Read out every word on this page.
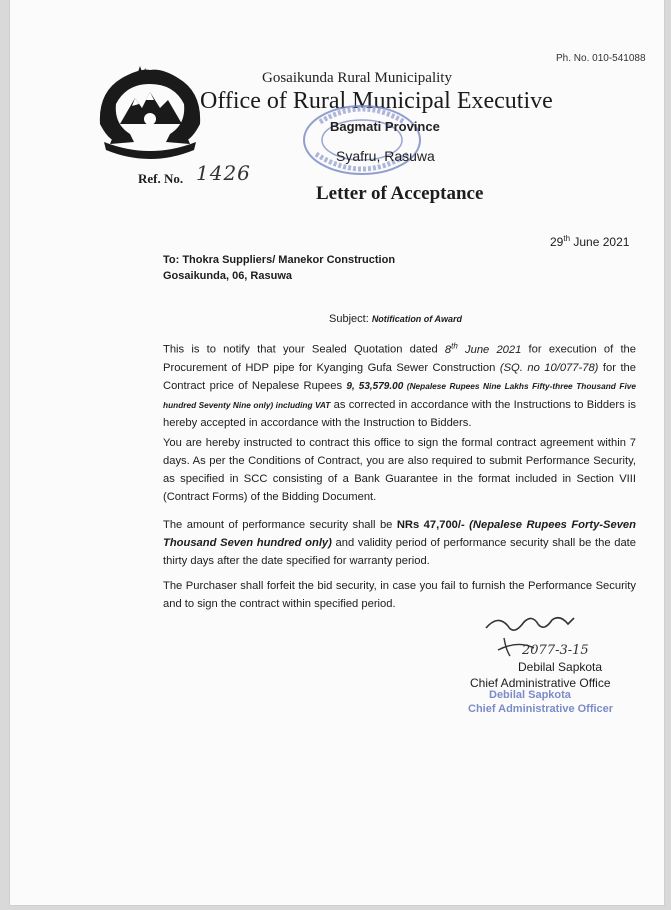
Ph. No. 010-541088
Gosaikunda Rural Municipality
Office of Rural Municipal Executive
Bagmati Province
Syafru, Rasuwa
Ref. No. 1426
Letter of Acceptance
29th June 2021
To: Thokra Suppliers/ Manekor Construction
Gosaikunda, 06, Rasuwa
Subject: Notification of Award
This is to notify that your Sealed Quotation dated 8th June 2021 for execution of the Procurement of HDP pipe for Kyanging Gufa Sewer Construction (SQ. no 10/077-78) for the Contract price of Nepalese Rupees 9, 53,579.00 (Nepalese Rupees Nine Lakhs Fifty-three Thousand Five hundred Seventy Nine only) including VAT as corrected in accordance with the Instructions to Bidders is hereby accepted in accordance with the Instruction to Bidders.
You are hereby instructed to contract this office to sign the formal contract agreement within 7 days. As per the Conditions of Contract, you are also required to submit Performance Security, as specified in SCC consisting of a Bank Guarantee in the format included in Section VIII (Contract Forms) of the Bidding Document.
The amount of performance security shall be NRs 47,700/- (Nepalese Rupees Forty-Seven Thousand Seven hundred only) and validity period of performance security shall be the date thirty days after the date specified for warranty period.
The Purchaser shall forfeit the bid security, in case you fail to furnish the Performance Security and to sign the contract within specified period.
2077-3-15
Debilal Sapkota
Chief Administrative Office
Debilal Sapkota
Chief Administrative Officer
